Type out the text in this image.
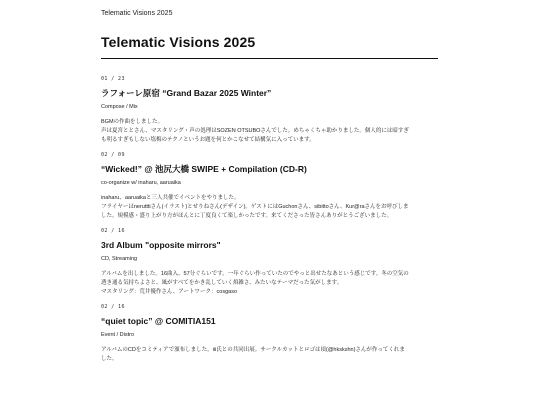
Telematic Visions 2025
Telematic Visions 2025
01 / 23
ラフォーレ原宿 “Grand Bazar 2025 Winter”
Compose / Mix

BGMの作曲をしました。

声は夏宮ととさん、マスタリング・声の処理はSOZEN OTSUBOさんでした。めちゃくちゃ助かりました。個人的には暗すぎ

も明るすぎもしない塩梅のテクノというお題を何とかこなせて結構気に入っています。

02 / 09
“Wicked!” @ 池尻大橋 SWIPE + Compilation (CD-R)
co-organize w/ inaharu, aaruaika

inaharu、aaruaikaと三人共催でイベントをやりました。

フライヤーはnerutttiさん(イラスト)とせりねさん(デザイン)。ゲストにはGuchonさん、sibittoさん、Kur@raさんをお呼びしま

した。規模感・盛り上がり方がほんとに丁度良くて楽しかったです。来てくださった皆さんありがとうございました。

02 / 16
3rd Album "opposite mirrors"
CD, Streaming

アルバムを出しました。16曲入、57分ぐらいです。一年ぐらい作っていたのでやっと出せたなあという感じです。冬の空気の

透き通る気持ちよさと、風がすべてをかき乱していく煩雑さ、みたいなテーマだった気がします。

マスタリング：荒井優作さん、アートワーク：cosgaso

02 / 16
“quiet topic” @ COMITIA151
Event / Distro

アルバムのCDをコミティアで頒布しました。iii氏との共同出展。サークルカットとロゴは頃(@hkskshn)さんが作ってくれま

した。
